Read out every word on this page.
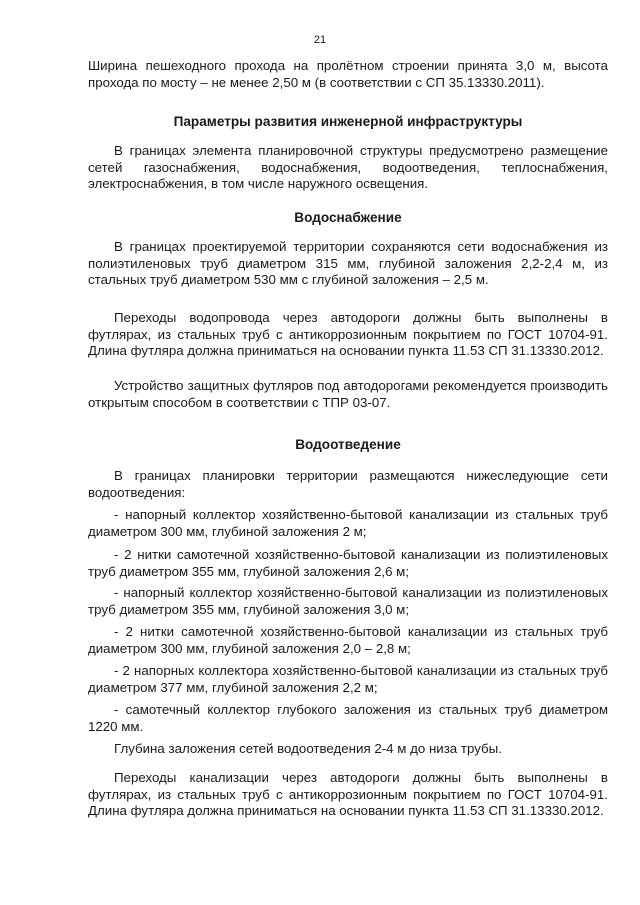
21

Ширина пешеходного прохода на пролётном строении принята 3,0 м, высота прохода по мосту – не менее 2,50 м (в соответствии с СП 35.13330.2011).

Параметры развития инженерной инфраструктуры

В границах элемента планировочной структуры предусмотрено размещение сетей газоснабжения, водоснабжения, водоотведения, теплоснабжения, электроснабжения, в том числе наружного освещения.

Водоснабжение

В границах проектируемой территории сохраняются сети водоснабжения из полиэтиленовых труб диаметром 315 мм, глубиной заложения 2,2-2,4 м, из стальных труб диаметром 530 мм с глубиной заложения – 2,5 м.

Переходы водопровода через автодороги должны быть выполнены в футлярах, из стальных труб с антикоррозионным покрытием по ГОСТ 10704-91. Длина футляра должна приниматься на основании пункта 11.53 СП 31.13330.2012.

Устройство защитных футляров под автодорогами рекомендуется производить открытым способом в соответствии с ТПР 03-07.

Водоотведение

В границах планировки территории размещаются нижеследующие сети водоотведения:

- напорный коллектор хозяйственно-бытовой канализации из стальных труб диаметром 300 мм, глубиной заложения 2 м;

- 2 нитки самотечной хозяйственно-бытовой канализации из полиэтиленовых труб диаметром 355 мм, глубиной заложения 2,6 м;

- напорный коллектор хозяйственно-бытовой канализации из полиэтиленовых труб диаметром 355 мм, глубиной заложения 3,0 м;

- 2 нитки самотечной хозяйственно-бытовой канализации из стальных труб диаметром 300 мм, глубиной заложения 2,0 – 2,8 м;

- 2 напорных коллектора хозяйственно-бытовой канализации из стальных труб диаметром 377 мм, глубиной заложения 2,2 м;

- самотечный коллектор глубокого заложения из стальных труб диаметром 1220 мм.

Глубина заложения сетей водоотведения 2-4 м до низа трубы.

Переходы канализации через автодороги должны быть выполнены в футлярах, из стальных труб с антикоррозионным покрытием по ГОСТ 10704-91. Длина футляра должна приниматься на основании пункта 11.53 СП 31.13330.2012.
